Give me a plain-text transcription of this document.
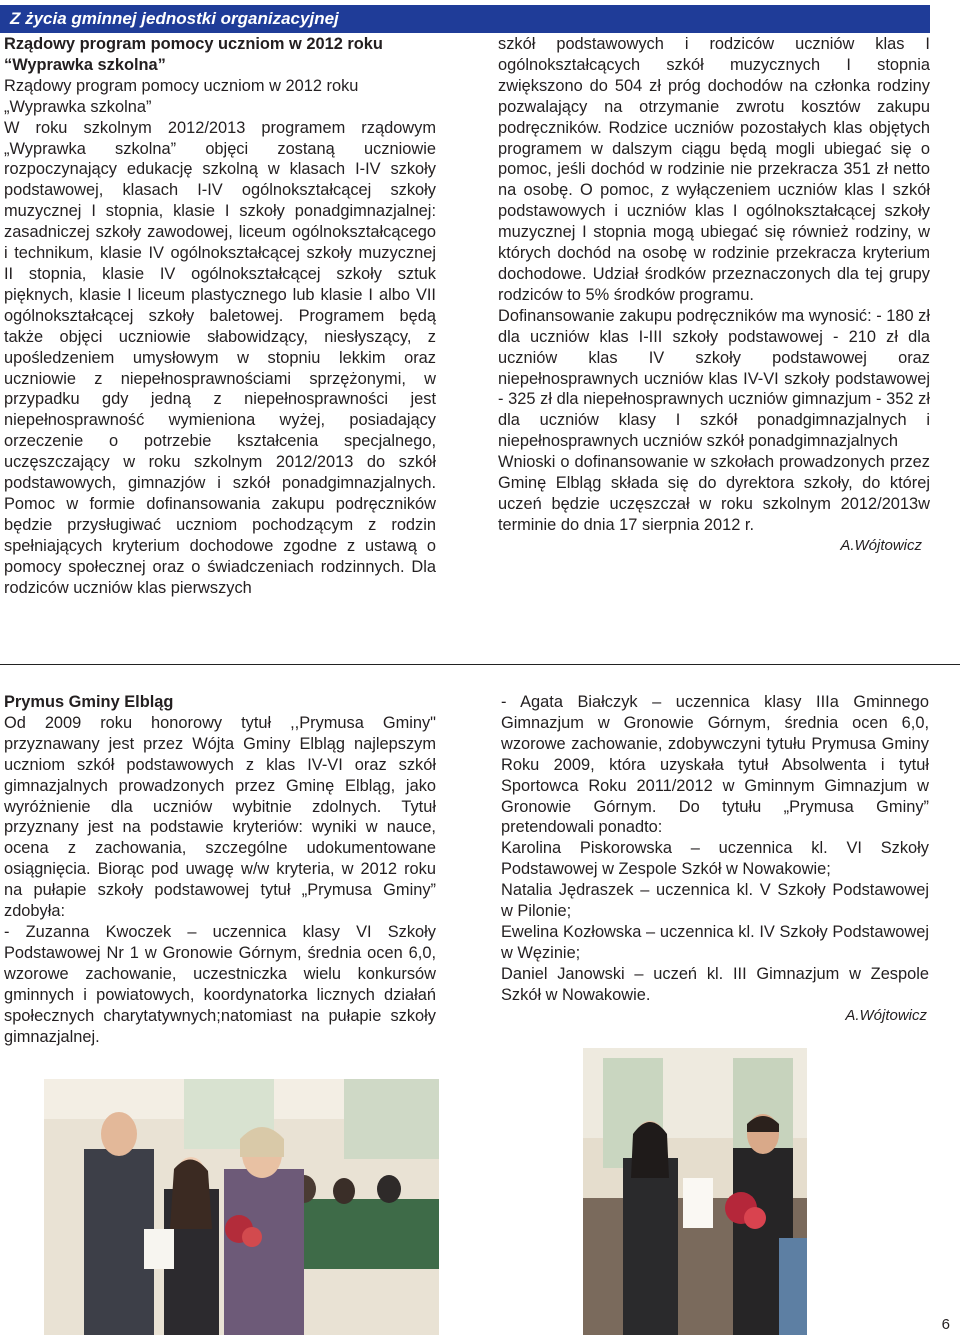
Z życia gminnej jednostki organizacyjnej

Rządowy program pomocy uczniom w 2012 roku

“Wyprawka szkolna”

Rządowy program pomocy uczniom w 2012 roku

„Wyprawka szkolna”

W roku szkolnym 2012/2013 programem rządowym „Wyprawka szkolna” objęci zostaną uczniowie rozpoczynający edukację szkolną w klasach I-IV szkoły podstawowej, klasach I-IV ogólnokształcącej szkoły muzycznej I stopnia, klasie I szkoły ponadgimnazjalnej: zasadniczej szkoły zawodowej, liceum ogólnokształcącego i technikum, klasie IV ogólnokształcącej szkoły muzycznej II stopnia, klasie IV ogólnokształcącej szkoły sztuk pięknych, klasie I liceum plastycznego lub klasie I albo VII ogólnokształcącej szkoły baletowej. Programem będą także objęci uczniowie słabowidzący, niesłyszący, z upośledzeniem umysłowym w stopniu lekkim oraz uczniowie z niepełnosprawnościami sprzężonymi, w przypadku gdy jedną z niepełnosprawności jest niepełnosprawność wymieniona wyżej, posiadający orzeczenie o potrzebie kształcenia specjalnego, uczęszczający w roku szkolnym 2012/2013 do szkół podstawowych, gimnazjów i szkół ponadgimnazjalnych. Pomoc w formie dofinansowania zakupu podręczników będzie przysługiwać uczniom pochodzącym z rodzin spełniających kryterium dochodowe zgodne z ustawą o pomocy społecznej oraz o świadczeniach rodzinnych. Dla rodziców uczniów klas pierwszych

szkół podstawowych i rodziców uczniów klas I ogólnokształcących szkół muzycznych I stopnia zwiększono do 504 zł próg dochodów na członka rodziny pozwalający na otrzymanie zwrotu kosztów zakupu podręczników. Rodzice uczniów pozostałych klas objętych programem w dalszym ciągu będą mogli ubiegać się o pomoc, jeśli dochód w rodzinie nie przekracza 351 zł netto na osobę. O pomoc, z wyłączeniem uczniów klas I szkół podstawowych i uczniów klas I ogólnokształcącej szkoły muzycznej I stopnia mogą ubiegać się również rodziny, w których dochód na osobę w rodzinie przekracza kryterium dochodowe. Udział środków przeznaczonych dla tej grupy rodziców to 5% środków programu.

Dofinansowanie zakupu podręczników ma wynosić: - 180 zł dla uczniów klas I-III szkoły podstawowej - 210 zł dla uczniów klas IV szkoły podstawowej oraz niepełnosprawnych uczniów klas IV-VI szkoły podstawowej - 325 zł dla niepełnosprawnych uczniów gimnazjum - 352 zł dla uczniów klasy I szkół ponadgimnazjalnych i niepełnosprawnych uczniów szkół ponadgimnazjalnych

Wnioski o dofinansowanie w szkołach prowadzonych przez Gminę Elbląg składa się do dyrektora szkoły, do której uczeń będzie uczęszczał w roku szkolnym 2012/2013w terminie do dnia 17 sierpnia 2012 r.

A.Wójtowicz

Prymus Gminy Elbląg

Od 2009 roku honorowy tytuł ,,Prymusa Gminy" przyznawany jest przez Wójta Gminy Elbląg najlepszym uczniom szkół podstawowych z klas IV-VI oraz szkół gimnazjalnych prowadzonych przez Gminę Elbląg, jako wyróżnienie dla uczniów wybitnie zdolnych. Tytuł przyznany jest na podstawie kryteriów: wyniki w nauce, ocena z zachowania, szczególne udokumentowane osiągnięcia. Biorąc pod uwagę w/w kryteria, w 2012 roku na pułapie szkoły podstawowej tytuł „Prymusa Gminy” zdobyła:

- Zuzanna Kwoczek – uczennica klasy VI Szkoły Podstawowej Nr 1 w Gronowie Górnym, średnia ocen 6,0, wzorowe zachowanie, uczestniczka wielu konkursów gminnych i powiatowych, koordynatorka licznych działań społecznych charytatywnych;natomiast na pułapie szkoły gimnazjalnej.

- Agata Białczyk – uczennica klasy IIIa Gminnego Gimnazjum w Gronowie Górnym, średnia ocen 6,0, wzorowe zachowanie, zdobywczyni tytułu Prymusa Gminy Roku 2009, która uzyskała tytuł Absolwenta i tytuł Sportowca Roku 2011/2012 w Gminnym Gimnazjum w Gronowie Górnym. Do tytułu „Prymusa Gminy” pretendowali ponadto:

Karolina Piskorowska – uczennica kl. VI Szkoły Podstawowej w Zespole Szkół w Nowakowie;

Natalia Jędraszek – uczennica kl. V Szkoły Podstawowej w Pilonie;

Ewelina Kozłowska – uczennica kl. IV Szkoły Podstawowej w Węzinie;

Daniel Janowski – uczeń kl. III Gimnazjum w Zespole Szkół w Nowakowie.

A.Wójtowicz

6
